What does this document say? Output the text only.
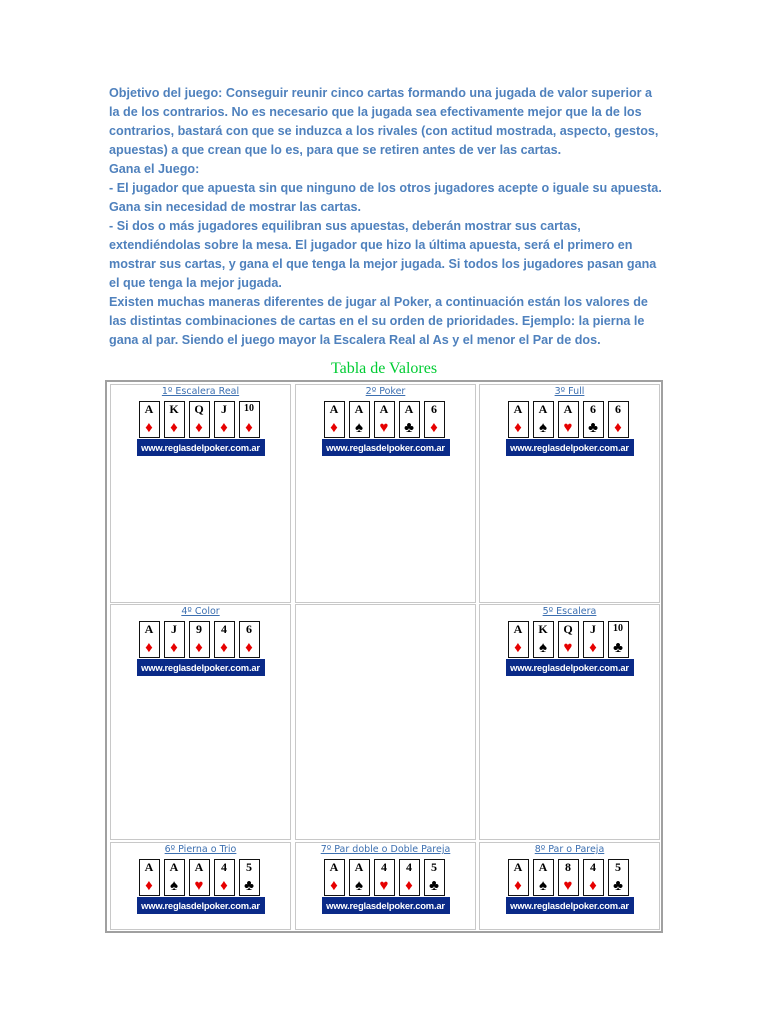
Objetivo del juego: Conseguir reunir cinco cartas formando una jugada de valor superior a la de los contrarios. No es necesario que la jugada sea efectivamente mejor que la de los contrarios, bastará con que se induzca a los rivales (con actitud mostrada, aspecto, gestos, apuestas) a que crean que lo es, para que se retiren antes de ver las cartas.

Gana el Juego:

- El jugador que apuesta sin que ninguno de los otros jugadores acepte o iguale su apuesta. Gana sin necesidad de mostrar las cartas.

- Si dos o más jugadores equilibran sus apuestas, deberán mostrar sus cartas, extendiéndolas sobre la mesa. El jugador que hizo la última apuesta, será el primero en mostrar sus cartas, y gana el que tenga la mejor jugada. Si todos los jugadores pasan gana el que tenga la mejor jugada.

Existen muchas maneras diferentes de jugar al Poker, a continuación están los valores de las distintas combinaciones de cartas en el su orden de prioridades. Ejemplo: la pierna le gana al par. Siendo el juego mayor la Escalera Real al As y el menor el Par de dos.

Tabla de Valores
1º Escalera Real
A
♦
K
♦
Q
♦
J
♦
10
♦
www.reglasdelpoker.com.ar
2º Poker
A
♦
A
♠
A
♥
A
♣
6
♦
www.reglasdelpoker.com.ar
3º Full
A
♦
A
♠
A
♥
6
♣
6
♦
www.reglasdelpoker.com.ar
4º Color
A
♦
J
♦
9
♦
4
♦
6
♦
www.reglasdelpoker.com.ar
5º Escalera
A
♦
K
♠
Q
♥
J
♦
10
♣
www.reglasdelpoker.com.ar
6º Pierna o Trio
A
♦
A
♠
A
♥
4
♦
5
♣
www.reglasdelpoker.com.ar
7º Par doble o Doble Pareja
A
♦
A
♠
4
♥
4
♦
5
♣
www.reglasdelpoker.com.ar
8º Par o Pareja
A
♦
A
♠
8
♥
4
♦
5
♣
www.reglasdelpoker.com.ar
